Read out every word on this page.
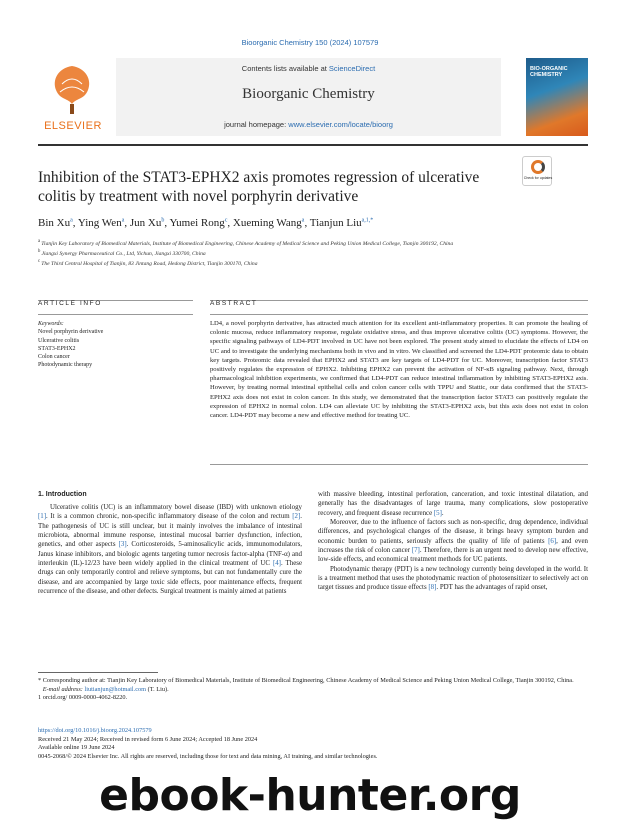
Bioorganic Chemistry 150 (2024) 107579
ELSEVIER
Contents lists available at ScienceDirect
Bioorganic Chemistry
journal homepage: www.elsevier.com/locate/bioorg
BIO-ORGANIC CHEMISTRY
Inhibition of the STAT3-EPHX2 axis promotes regression of ulcerative colitis by treatment with novel porphyrin derivative
Check for updates
Bin Xu$^a$, Ying Wen$^a$, Jun Xu$^b$, Yumei Rong$^c$, Xueming Wang$^a$, Tianjun Liu$^{a,1,*}$
$^a$ Tianjin Key Laboratory of Biomedical Materials, Institute of Biomedical Engineering, Chinese Academy of Medical Science and Peking Union Medical College, Tianjin 300192, China
$^b$ Jiangxi Synergy Pharmaceutical Co., Ltd, Yichun, Jiangxi 330700, China
$^c$ The Third Central Hospital of Tianjin, 83 Jintang Road, Hedong District, Tianjin 300170, China
ARTICLE INFO	ABSTRACT
Keywords:
Novel porphyrin derivative
Ulcerative colitis
STAT3-EPHX2
Colon cancer
Photodynamic therapy
LD4, a novel porphyrin derivative, has attracted much attention for its excellent anti-inflammatory properties. It can promote the healing of colonic mucosa, reduce inflammatory response, regulate oxidative stress, and thus improve ulcerative colitis (UC) symptoms. However, the specific signaling pathways of LD4-PDT involved in UC have not been explored. The present study aimed to elucidate the effects of LD4 on UC and to investigate the underlying mechanisms both in vivo and in vitro. We classified and screened the LD4-PDT proteomic data to obtain key targets. Proteomic data revealed that EPHX2 and STAT3 are key targets of LD4-PDT for UC. Moreover, transcription factor STAT3 positively regulates the expression of EPHX2. Inhibiting EPHX2 can prevent the activation of NF-κB signaling pathway. Next, through pharmacological inhibition experiments, we confirmed that LD4-PDT can reduce intestinal inflammation by inhibiting STAT3-EPHX2 axis. However, by treating normal intestinal epithelial cells and colon cancer cells with TPPU and Stattic, our data confirmed that the STAT3-EPHX2 axis does not exist in colon cancer. In this study, we demonstrated that the transcription factor STAT3 can positively regulate the expression of EPHX2 in normal colon. LD4 can alleviate UC by inhibiting the STAT3-EPHX2 axis, but this axis does not exist in colon cancer. LD4-PDT may become a new and effective method for treating UC.
1. Introduction

Ulcerative colitis (UC) is an inflammatory bowel disease (IBD) with unknown etiology [1]. It is a common chronic, non-specific inflammatory disease of the colon and rectum [2]. The pathogenesis of UC is still unclear, but it mainly involves the imbalance of intestinal microbiota, abnormal immune response, intestinal mucosal barrier dysfunction, infection, genetics, and other aspects [3]. Corticosteroids, 5-aminosalicylic acids, immunomodulators, Janus kinase inhibitors, and biologic agents targeting tumor necrosis factor-alpha (TNF-α) and interleukin (IL)-12/23 have been widely applied in the clinical treatment of UC [4]. These drugs can only temporarily control and relieve symptoms, but can not fundamentally cure the disease, and are accompanied by large toxic side effects, poor maintenance effects, frequent recurrence of the disease, and other defects. Surgical treatment is mainly aimed at patients

with massive bleeding, intestinal perforation, canceration, and toxic intestinal dilatation, and generally has the disadvantages of large trauma, many complications, slow postoperative recovery, and frequent disease recurrence [5].

Moreover, due to the influence of factors such as non-specific, drug dependence, individual differences, and psychological changes of the disease, it brings heavy symptom burden and economic burden to patients, seriously affects the quality of life of patients [6], and even increases the risk of colon cancer [7]. Therefore, there is an urgent need to develop new effective, low-side effects, and economical treatment methods for UC patients.

Photodynamic therapy (PDT) is a new technology currently being developed in the world. It is a treatment method that uses the photodynamic reaction of photosensitizer to selectively act on target tissues and produce tissue effects [8]. PDT has the advantages of rapid onset,

* Corresponding author at: Tianjin Key Laboratory of Biomedical Materials, Institute of Biomedical Engineering, Chinese Academy of Medical Science and Peking Union Medical College, Tianjin 300192, China.
E-mail address: liutianjun@hotmail.com (T. Liu).
1 orcid.org/ 0009-0000-4062-8220.
https://doi.org/10.1016/j.bioorg.2024.107579
Received 21 May 2024; Received in revised form 6 June 2024; Accepted 18 June 2024
Available online 19 June 2024
0045-2068/© 2024 Elsevier Inc. All rights are reserved, including those for text and data mining, AI training, and similar technologies.
ebook-hunter.org
